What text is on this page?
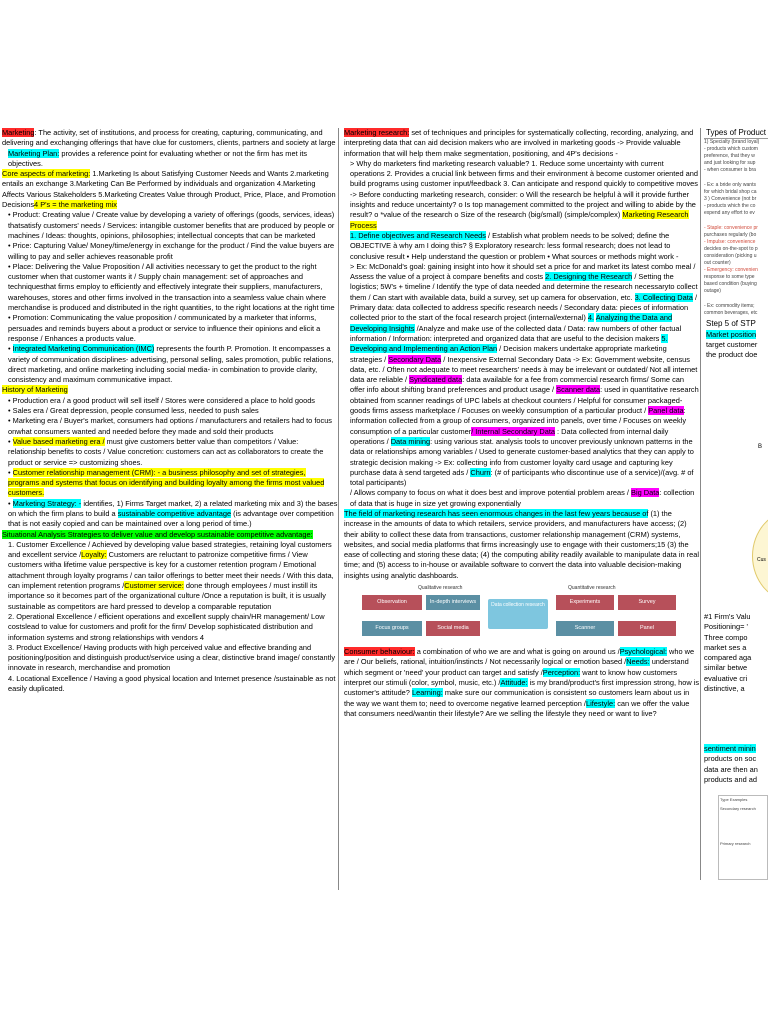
Marketing: The activity, set of institutions, and process for creating, capturing, communicating, and delivering and exchanging offerings that have clue for customers, clients, partners and society at large

Marketing Plan: provides a reference point for evaluating whether or not the firm has met its objectives.

Core aspects of marketing: 1.Marketing Is about Satisfying Customer Needs and Wants 2.marketing entails an exchange 3.Marketing Can Be Performed by individuals and organization 4.Marketing Affects Various Stakeholders 5.Marketing Creates Value through Product, Price, Place, and Promotion Decisions4 P's = the marketing mix

• Product: Creating value / Create value by developing a variety of offerings (goods, services, ideas) thatsatisfy customers' needs / Services: intangible customer benefits that are produced by people or machines / Ideas: thoughts, opinions, philosophies; intellectual concepts that can be marketed

• Price: Capturing Value/ Money/time/energy in exchange for the product / Find the value buyers are willing to pay and seller achieves reasonable profit

• Place: Delivering the Value Proposition / All activities necessary to get the product to the right customer when that customer wants it / Supply chain management: set of approaches and techniquesthat firms employ to efficiently and effectively integrate their suppliers, manufacturers, warehouses, stores and other firms involved in the transaction into a seamless value chain where merchandise is produced and distributed in the right quantities, to the right locations at the right time

• Promotion: Communicating the value proposition / communicated by a marketer that informs, persuades and reminds buyers about a product or service to influence their opinions and elicit a response / Enhances a products value.

• Integrated Marketing Communication (IMC) represents the fourth P. Promotion. It encompasses a variety of communication disciplines- advertising, personal selling, sales promotion, public relations, direct marketing, and online marketing including social media- in combination to provide clarity, consistency and maximum communicative impact.

History of Marketing

• Production era / a good product will sell itself / Stores were considered a place to hold goods

• Sales era / Great depression, people consumed less, needed to push sales

• Marketing era / Buyer's market, consumers had options / manufacturers and retailers had to focus onwhat consumers wanted and needed before they made and sold their products

• Value based marketing era / must give customers better value than competitors / Value: relationship benefits to costs / Value concretion: customers can act as collaborators to create the product or service => customizing shoes.

• Customer relationship management (CRM): - a business philosophy and set of strategies, programs and systems that focus on identifying and building loyalty among the firms most valued customers.

• Marketing Strategy: - identifies, 1) Firms Target market, 2) a related marketing mix and 3) the bases on which the firm plans to build a sustainable competitive advantage (is advantage over competition that is not easily copied and can be maintained over a long period of time.)

Situational Analysis Strategies to deliver value and develop sustainable competitive advantage:

1. Customer Excellence / Achieved by developing value based strategies, retaining loyal customers and excellent service /Loyalty: Customers are reluctant to patronize competitive firms / View customers witha lifetime value perspective is key for a customer retention program / Emotional attachment through loyalty programs / can tailor offerings to better meet their needs / With this data, can implement retention programs /Customer service: done through employees / must instill its importance so it becomes part of the organizational culture /Once a reputation is built, it is usually sustainable as competitors are hard pressed to develop a comparable reputation

2. Operational Excellence / efficient operations and excellent supply chain/HR management/ Low costslead to value for customers and profit for the firm/ Develop sophisticated distribution and information systems and strong relationships with vendors 4

3. Product Excellence/ Having products with high perceived value and effective branding and positioning/position and distinguish product/service using a clear, distinctive brand image/ constantly innovate in research, merchandise and promotion

4. Locational Excellence / Having a good physical location and Internet presence /sustainable as not easily duplicated.

Marketing research: set of techniques and principles for systematically collecting, recording, analyzing, and interpreting data that can aid decision makers who are involved in marketing goods -> Provide valuable information that will help them make segmentation, positioning, and 4P's decisions -

> Why do marketers find marketing research valuable? 1. Reduce some uncertainty with current operations 2. Provides a crucial link between firms and their environment à become customer oriented and build programs using customer input/feedback 3. Can anticipate and respond quickly to competitive moves -> Before conducting marketing research, consider: o Will the research be helpful à will it provide further insights and reduce uncertainty? o Is top management committed to the project and willing to abide by the result? o *value of the research o Size of the research (big/small) (simple/complex) Marketing Research Process

1. Define objectives and Research Needs / Establish what problem needs to be solved; define the OBJECTIVE à why am I doing this? § Exploratory research: less formal research; does not lead to conclusive result • Help understand the question or problem • What sources or methods might work -

> Ex: McDonald's goal: gaining insight into how it should set a price for and market its latest combo meal / Assess the value of a project à compare benefits and costs 2. Designing the Research / Setting the logistics; 5W's + timeline / Identify the type of data needed and determine the research necessaryto collect them / Can start with available data, build a survey, set up camera for observation, etc. 3. Collecting Data / Primary data: data collected to address specific research needs / Secondary data: pieces of information collected prior to the start of the focal research project (internal/external) 4. Analyzing the Data and Developing Insights /Analyze and make use of the collected data / Data: raw numbers of other factual information / Information: interpreted and organized data that are useful to the decision makers 5. Developing and Implementing an Action Plan / Decision makers undertake appropriate marketing strategies / Secondary Data / Inexpensive External Secondary Data -> Ex: Government website, census data, etc. / Often not adequate to meet researchers' needs à may be irrelevant or outdated/ Not all internet data are reliable / Syndicated data: data available for a fee from commercial research firms/ Some can offer info about shifting brand preferences and product usage / Scanner data: used in quantitative research obtained from scanner readings of UPC labels at checkout counters / Helpful for consumer packaged-goods firms assess marketplace / Focuses on weekly consumption of a particular product / Panel data: information collected from a group of consumers, organized into panels, over time / Focuses on weekly consumption of a particular customer/ Internal Secondary Data : Data collected from internal daily operations / Data mining: using various stat. analysis tools to uncover previously unknown patterns in the data or relationships among variables / Used to generate customer-based analytics that they can apply to strategic decision making -> Ex: collecting info from customer loyalty card usage and capturing key purchase data à send targeted ads / Churn: (# of participants who discontinue use of a service)/(avg. # of total participants)

/ Allows company to focus on what it does best and improve potential problem areas / Big Data: collection of data that is huge in size yet growing exponentially

The field of marketing research has seen enormous changes in the last few years because of (1) the increase in the amounts of data to which retailers, service providers, and manufacturers have access; (2) their ability to collect these data from transactions, customer relationship management (CRM) systems, websites, and social media platforms that firms increasingly use to engage with their customers;15 (3) the ease of collecting and storing these data; (4) the computing ability readily available to manipulate data in real time; and (5) access to in-house or available software to convert the data into valuable decision-making insights using analytic dashboards.

Qualitative research	Quantitative research
Observation	In-depth interviews
Focus groups	Social media
Data collection research	Experiments	Survey
Scanner	Panel

Consumer behaviour: a combination of who we are and what is going on around us /Psychological: who we are / Our beliefs, rational, intuition/instincts / Not necessarily logical or emotion based /Needs: understand which segment or 'need' your product can target and satisfy /Perception: want to know how customers interpret our stimuli (color, symbol, music, etc.) /Attitude: is my brand/product's first impression strong, how is customer's attitude? Learning: make sure our communication is consistent so customers learn about us in the way we want them to; need to overcome negative learned perception /Lifestyle: can we offer the value that consumers need/wantin their lifestyle? Are we selling the lifestyle they need or want to live?

Types of Product

1) Specialty (brand loyal)
- products which custom
preference, that they w
and just looking for sup
- when consumer is bra
- Ex: a bride only wants
for which bridal shop ca
3 ) Convenience (not br
- products which the co
expend any effort to ev
- Staple: convenience pr
purchases regularly (bo
- Impulse: convenience
decides on-the-spot to p
consideration (picking u
out counter)
- Emergency: convenien
response to some type
based condition (buying
outage)
- Ex: commodity items;
common beverages, etc

Step 5 of STP

Market position

target customer

the product doe

B
Cus
#1 Firm's Valu
Positioning= '
Three compo
market ses a
compared aga
similar betwe
evaluative cri
distinctive, a
sentiment minin
products on soc
data are then an
products and ad
Type Examples
Secondary research
Primary research
